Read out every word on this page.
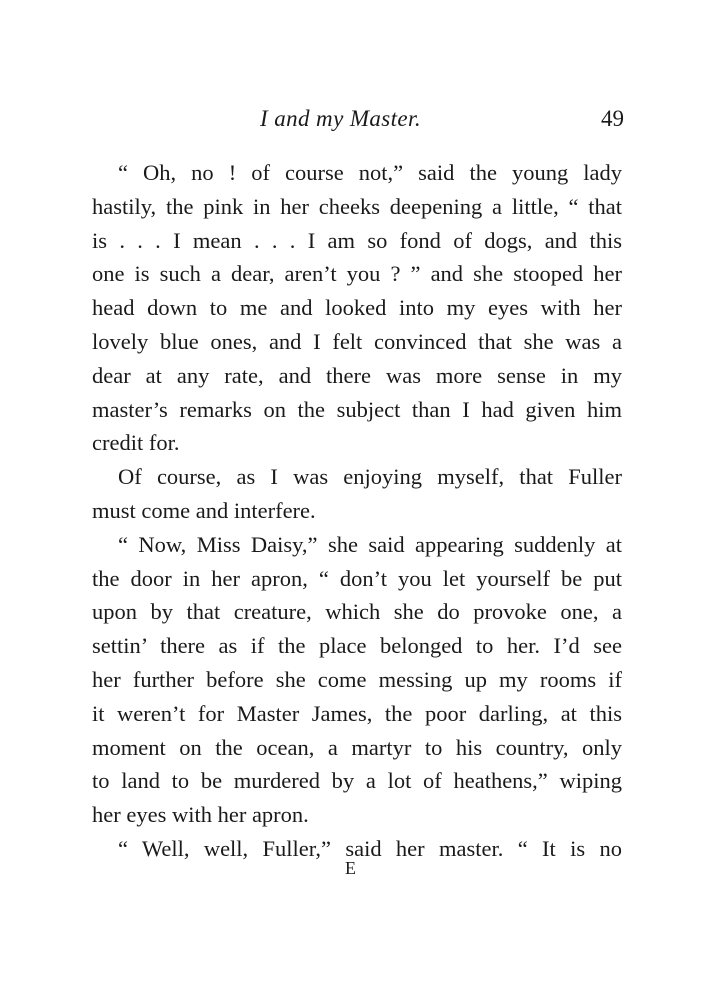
I and my Master.	49
“ Oh, no ! of course not,” said the young lady
hastily, the pink in her cheeks deepening a little, “ that
is . . . I mean . . . I am so fond of dogs, and this
one is such a dear, aren’t you ? ” and she stooped her
head down to me and looked into my eyes with her
lovely blue ones, and I felt convinced that she was a
dear at any rate, and there was more sense in my
master’s remarks on the subject than I had given him
credit for.
Of course, as I was enjoying myself, that Fuller
must come and interfere.
“ Now, Miss Daisy,” she said appearing suddenly at
the door in her apron, “ don’t you let yourself be put
upon by that creature, which she do provoke one, a
settin’ there as if the place belonged to her. I’d see
her further before she come messing up my rooms if
it weren’t for Master James, the poor darling, at this
moment on the ocean, a martyr to his country, only
to land to be murdered by a lot of heathens,” wiping
her eyes with her apron.
“ Well, well, Fuller,” said her master. “ It is no
E
